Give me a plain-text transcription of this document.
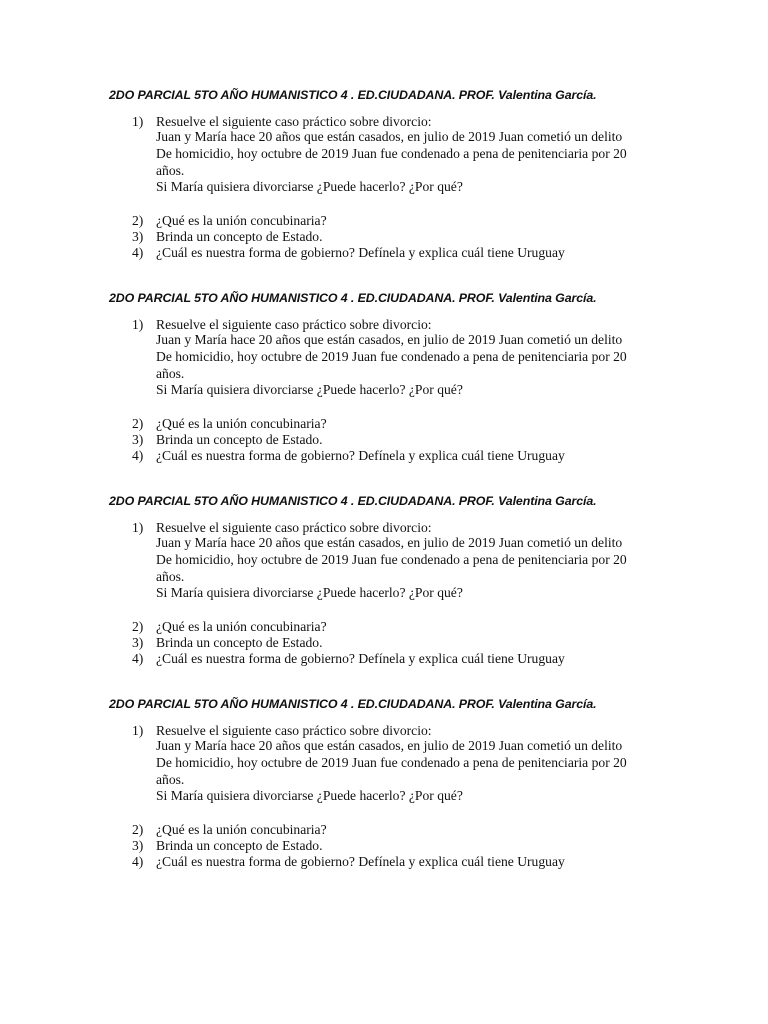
2DO PARCIAL 5TO AÑO HUMANISTICO 4 . ED.CIUDADANA. PROF. Valentina García.
1) Resuelve el siguiente caso práctico sobre divorcio:
Juan y María hace 20 años que están casados, en julio de 2019 Juan cometió un delito
De homicidio, hoy octubre de 2019 Juan fue condenado a pena de penitenciaria por 20
años.
Si María quisiera divorciarse ¿Puede hacerlo? ¿Por qué?
2) ¿Qué es la unión concubinaria?
3) Brinda un concepto de Estado.
4) ¿Cuál es nuestra forma de gobierno? Defínela y explica cuál tiene Uruguay
2DO PARCIAL 5TO AÑO HUMANISTICO 4 . ED.CIUDADANA. PROF. Valentina García.
1) Resuelve el siguiente caso práctico sobre divorcio:
Juan y María hace 20 años que están casados, en julio de 2019 Juan cometió un delito
De homicidio, hoy octubre de 2019 Juan fue condenado a pena de penitenciaria por 20
años.
Si María quisiera divorciarse ¿Puede hacerlo? ¿Por qué?
2) ¿Qué es la unión concubinaria?
3) Brinda un concepto de Estado.
4) ¿Cuál es nuestra forma de gobierno? Defínela y explica cuál tiene Uruguay
2DO PARCIAL 5TO AÑO HUMANISTICO 4 . ED.CIUDADANA. PROF. Valentina García.
1) Resuelve el siguiente caso práctico sobre divorcio:
Juan y María hace 20 años que están casados, en julio de 2019 Juan cometió un delito
De homicidio, hoy octubre de 2019 Juan fue condenado a pena de penitenciaria por 20
años.
Si María quisiera divorciarse ¿Puede hacerlo? ¿Por qué?
2) ¿Qué es la unión concubinaria?
3) Brinda un concepto de Estado.
4) ¿Cuál es nuestra forma de gobierno? Defínela y explica cuál tiene Uruguay
2DO PARCIAL 5TO AÑO HUMANISTICO 4 . ED.CIUDADANA. PROF. Valentina García.
1) Resuelve el siguiente caso práctico sobre divorcio:
Juan y María hace 20 años que están casados, en julio de 2019 Juan cometió un delito
De homicidio, hoy octubre de 2019 Juan fue condenado a pena de penitenciaria por 20
años.
Si María quisiera divorciarse ¿Puede hacerlo? ¿Por qué?
2) ¿Qué es la unión concubinaria?
3) Brinda un concepto de Estado.
4) ¿Cuál es nuestra forma de gobierno? Defínela y explica cuál tiene Uruguay
